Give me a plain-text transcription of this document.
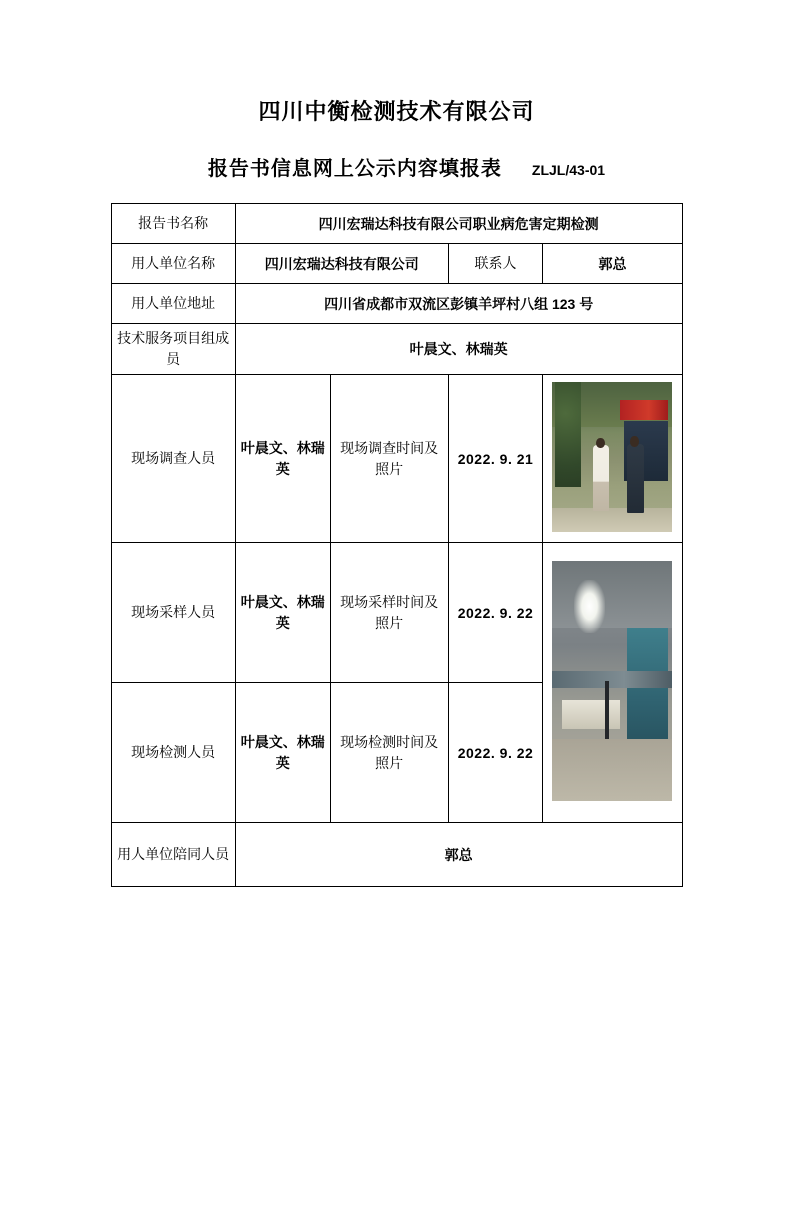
四川中衡检测技术有限公司
报告书信息网上公示内容填报表 ZLJL/43-01
报告书名称	四川宏瑞达科技有限公司职业病危害定期检测			
用人单位名称	四川宏瑞达科技有限公司		联系人	郭总
用人单位地址	四川省成都市双流区彭镇羊坪村八组 123 号			
技术服务项目组成员	叶晨文、林瑞英			
现场调查人员	叶晨文、林瑞英	现场调查时间及照片	2022. 9. 21	

现场采样人员	叶晨文、林瑞英	现场采样时间及照片	2022. 9. 22	

现场检测人员	叶晨文、林瑞英	现场检测时间及照片	2022. 9. 22	
用人单位陪同人员	郭总			
